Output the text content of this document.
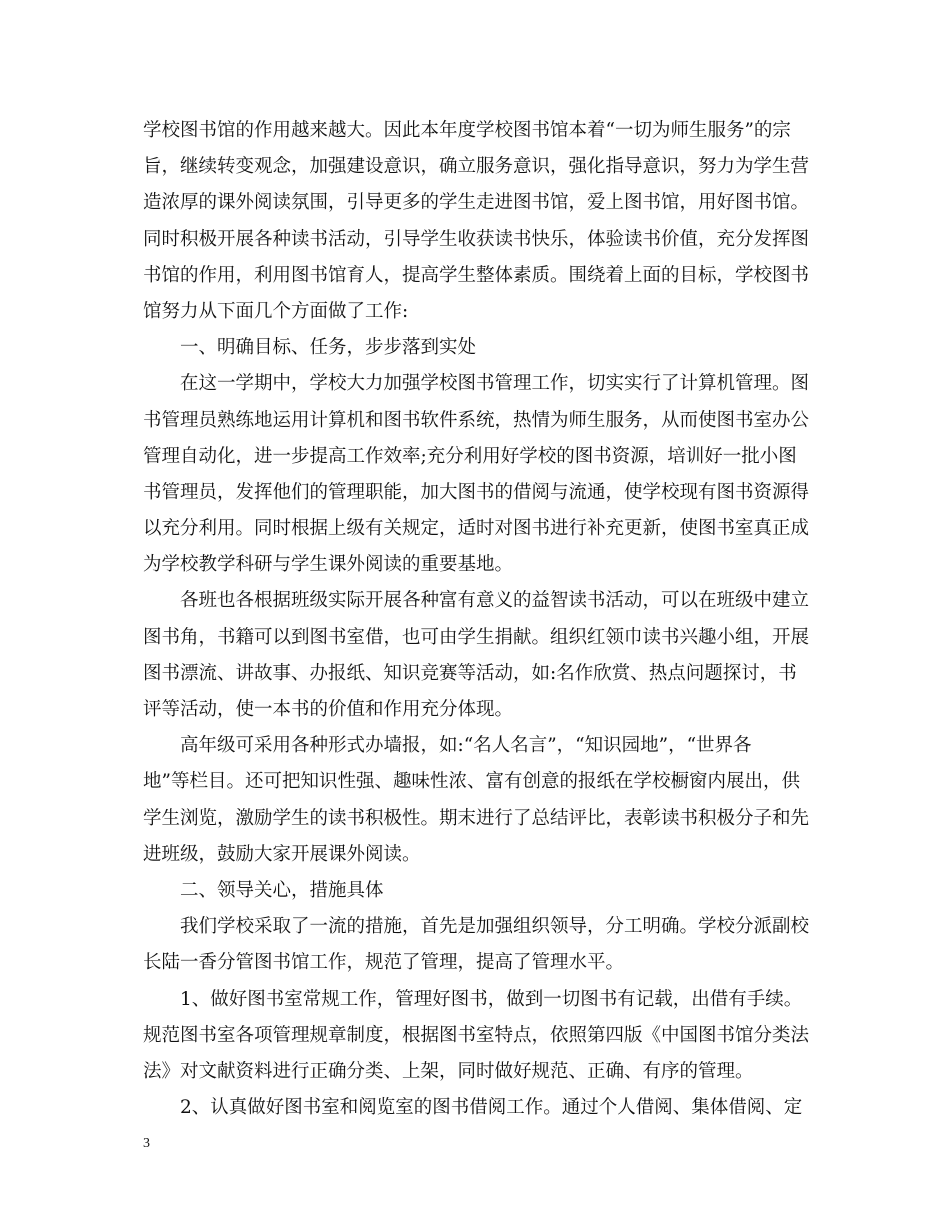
学校图书馆的作用越来越大。因此本年度学校图书馆本着“一切为师生服务”的宗
旨，继续转变观念，加强建设意识，确立服务意识，强化指导意识，努力为学生营
造浓厚的课外阅读氛围，引导更多的学生走进图书馆，爱上图书馆，用好图书馆。
同时积极开展各种读书活动，引导学生收获读书快乐，体验读书价值，充分发挥图
书馆的作用，利用图书馆育人，提高学生整体素质。围绕着上面的目标，学校图书
馆努力从下面几个方面做了工作:
一、明确目标、任务，步步落到实处
在这一学期中，学校大力加强学校图书管理工作，切实实行了计算机管理。图
书管理员熟练地运用计算机和图书软件系统，热情为师生服务，从而使图书室办公
管理自动化，进一步提高工作效率;充分利用好学校的图书资源，培训好一批小图
书管理员，发挥他们的管理职能，加大图书的借阅与流通，使学校现有图书资源得
以充分利用。同时根据上级有关规定，适时对图书进行补充更新，使图书室真正成
为学校教学科研与学生课外阅读的重要基地。
各班也各根据班级实际开展各种富有意义的益智读书活动，可以在班级中建立
图书角，书籍可以到图书室借，也可由学生捐献。组织红领巾读书兴趣小组，开展
图书漂流、讲故事、办报纸、知识竞赛等活动，如:名作欣赏、热点问题探讨，书
评等活动，使一本书的价值和作用充分体现。
高年级可采用各种形式办墙报，如:“名人名言”，“知识园地”，“世界各
地”等栏目。还可把知识性强、趣味性浓、富有创意的报纸在学校橱窗内展出，供
学生浏览，激励学生的读书积极性。期末进行了总结评比，表彰读书积极分子和先
进班级，鼓励大家开展课外阅读。
二、领导关心，措施具体
我们学校采取了一流的措施，首先是加强组织领导，分工明确。学校分派副校
长陆一香分管图书馆工作，规范了管理，提高了管理水平。
1、做好图书室常规工作，管理好图书，做到一切图书有记载，出借有手续。
规范图书室各项管理规章制度，根据图书室特点，依照第四版《中国图书馆分类法
法》对文献资料进行正确分类、上架，同时做好规范、正确、有序的管理。
2、认真做好图书室和阅览室的图书借阅工作。通过个人借阅、集体借阅、定
3
